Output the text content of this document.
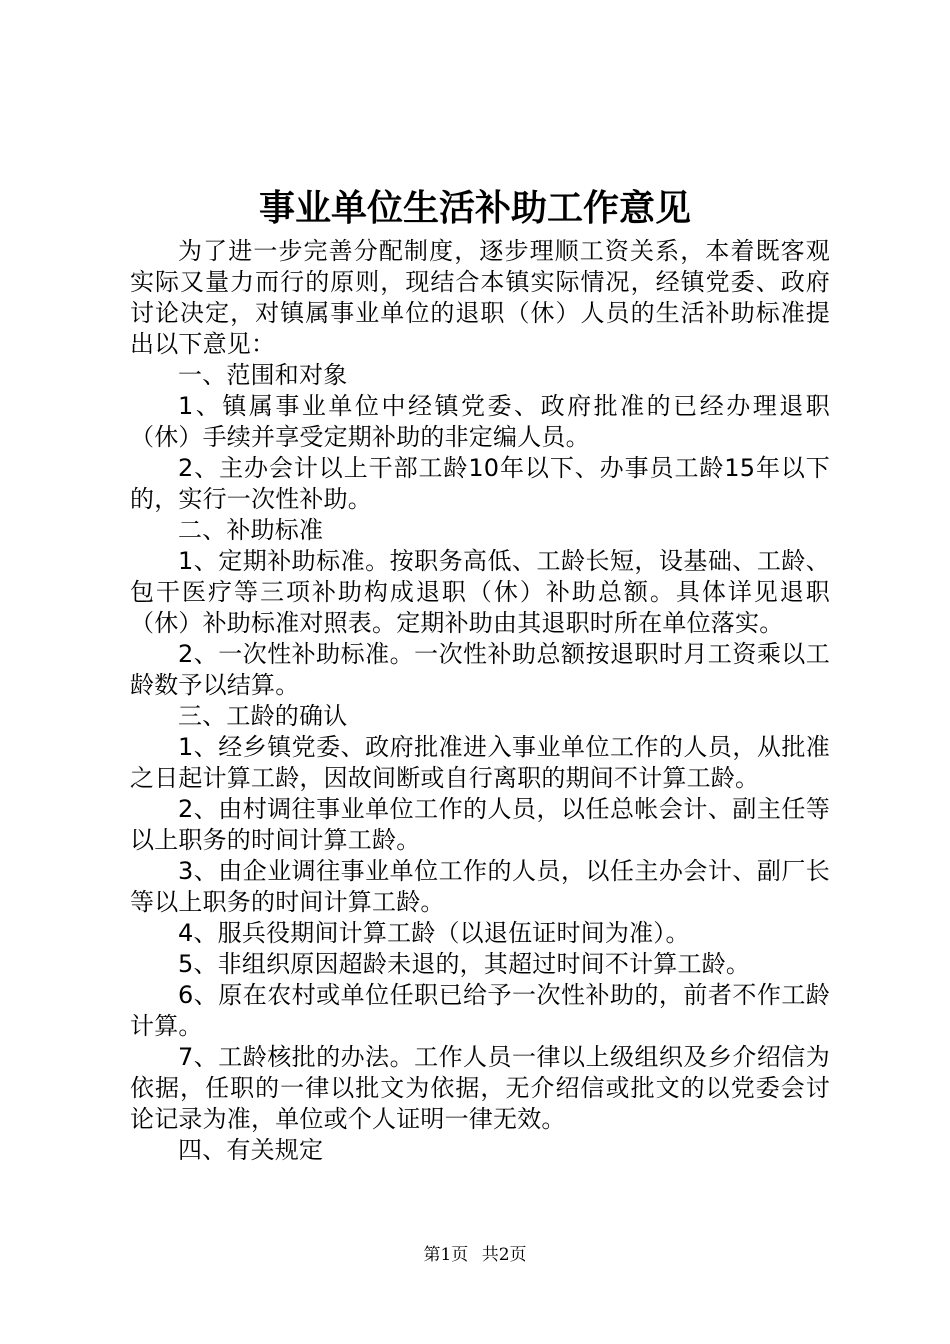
事业单位生活补助工作意见

为了进一步完善分配制度，逐步理顺工资关系，本着既客观实际又量力而行的原则，现结合本镇实际情况，经镇党委、政府讨论决定，对镇属事业单位的退职（休）人员的生活补助标准提出以下意见：

一、范围和对象

1、镇属事业单位中经镇党委、政府批准的已经办理退职（休）手续并享受定期补助的非定编人员。

2、主办会计以上干部工龄10年以下、办事员工龄15年以下的，实行一次性补助。

二、补助标准

1、定期补助标准。按职务高低、工龄长短，设基础、工龄、包干医疗等三项补助构成退职（休）补助总额。具体详见退职（休）补助标准对照表。定期补助由其退职时所在单位落实。

2、一次性补助标准。一次性补助总额按退职时月工资乘以工龄数予以结算。

三、工龄的确认

1、经乡镇党委、政府批准进入事业单位工作的人员，从批准之日起计算工龄，因故间断或自行离职的期间不计算工龄。

2、由村调往事业单位工作的人员，以任总帐会计、副主任等以上职务的时间计算工龄。

3、由企业调往事业单位工作的人员，以任主办会计、副厂长等以上职务的时间计算工龄。

4、服兵役期间计算工龄（以退伍证时间为准）。

5、非组织原因超龄未退的，其超过时间不计算工龄。

6、原在农村或单位任职已给予一次性补助的，前者不作工龄计算。

7、工龄核批的办法。工作人员一律以上级组织及乡介绍信为依据，任职的一律以批文为依据，无介绍信或批文的以党委会讨论记录为准，单位或个人证明一律无效。

四、有关规定

第1页 共2页
